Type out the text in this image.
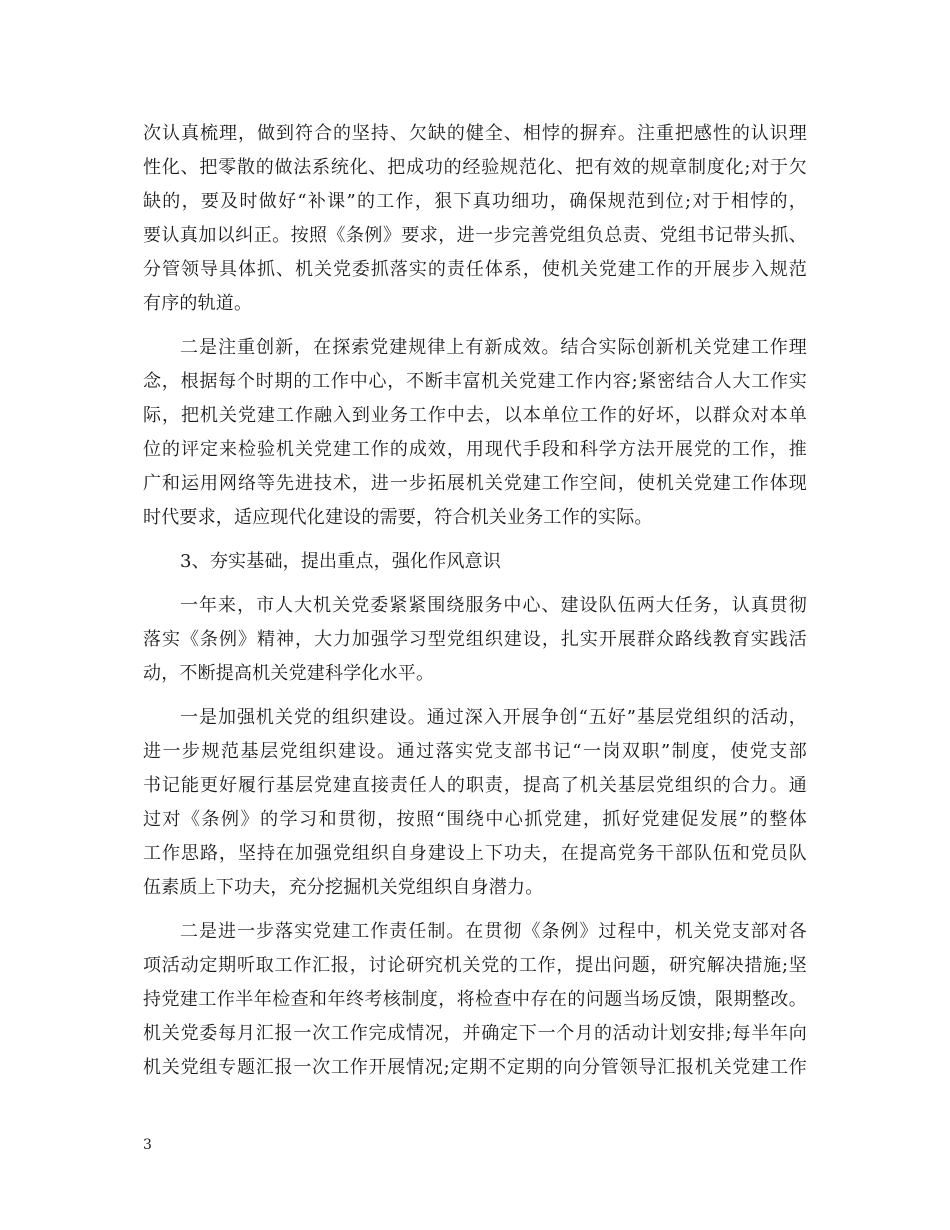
次认真梳理，做到符合的坚持、欠缺的健全、相悖的摒弃。注重把感性的认识理
性化、把零散的做法系统化、把成功的经验规范化、把有效的规章制度化;对于欠
缺的，要及时做好“补课”的工作，狠下真功细功，确保规范到位;对于相悖的，
要认真加以纠正。按照《条例》要求，进一步完善党组负总责、党组书记带头抓、
分管领导具体抓、机关党委抓落实的责任体系，使机关党建工作的开展步入规范
有序的轨道。
二是注重创新，在探索党建规律上有新成效。结合实际创新机关党建工作理
念，根据每个时期的工作中心，不断丰富机关党建工作内容;紧密结合人大工作实
际，把机关党建工作融入到业务工作中去，以本单位工作的好坏，以群众对本单
位的评定来检验机关党建工作的成效，用现代手段和科学方法开展党的工作，推
广和运用网络等先进技术，进一步拓展机关党建工作空间，使机关党建工作体现
时代要求，适应现代化建设的需要，符合机关业务工作的实际。
3、夯实基础，提出重点，强化作风意识
一年来，市人大机关党委紧紧围绕服务中心、建设队伍两大任务，认真贯彻
落实《条例》精神，大力加强学习型党组织建设，扎实开展群众路线教育实践活
动，不断提高机关党建科学化水平。
一是加强机关党的组织建设。通过深入开展争创“五好”基层党组织的活动，
进一步规范基层党组织建设。通过落实党支部书记“一岗双职”制度，使党支部
书记能更好履行基层党建直接责任人的职责，提高了机关基层党组织的合力。通
过对《条例》的学习和贯彻，按照“围绕中心抓党建，抓好党建促发展”的整体
工作思路，坚持在加强党组织自身建设上下功夫，在提高党务干部队伍和党员队
伍素质上下功夫，充分挖掘机关党组织自身潜力。
二是进一步落实党建工作责任制。在贯彻《条例》过程中，机关党支部对各
项活动定期听取工作汇报，讨论研究机关党的工作，提出问题，研究解决措施;坚
持党建工作半年检查和年终考核制度，将检查中存在的问题当场反馈，限期整改。
机关党委每月汇报一次工作完成情况，并确定下一个月的活动计划安排;每半年向
机关党组专题汇报一次工作开展情况;定期不定期的向分管领导汇报机关党建工作
3
